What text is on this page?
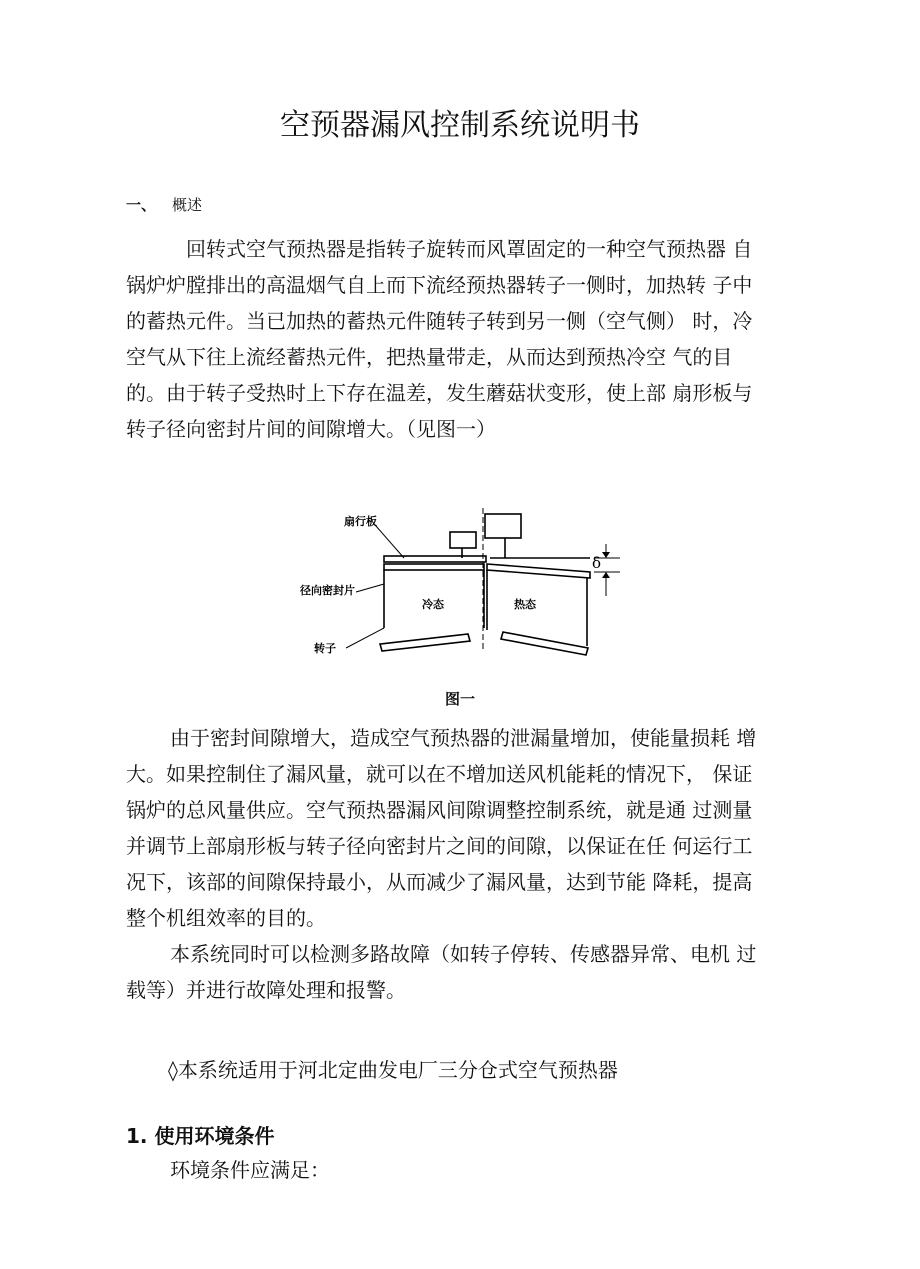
空预器漏风控制系统说明书
一、 概述
回转式空气预热器是指转子旋转而风罩固定的一种空气预热器 自
锅炉炉膛排出的高温烟气自上而下流经预热器转子一侧时，加热转 子中
的蓄热元件。当已加热的蓄热元件随转子转到另一侧（空气侧） 时，冷
空气从下往上流经蓄热元件，把热量带走，从而达到预热冷空 气的目
的。由于转子受热时上下存在温差，发生蘑菇状变形，使上部 扇形板与
转子径向密封片间的间隙增大。（见图一）
扇行板
径向密封片
转子
冷态	热态
δ
图一
由于密封间隙增大，造成空气预热器的泄漏量增加，使能量损耗 增
大。如果控制住了漏风量，就可以在不增加送风机能耗的情况下， 保证
锅炉的总风量供应。空气预热器漏风间隙调整控制系统，就是通 过测量
并调节上部扇形板与转子径向密封片之间的间隙，以保证在任 何运行工
况下，该部的间隙保持最小，从而减少了漏风量，达到节能 降耗，提高
整个机组效率的目的。
本系统同时可以检测多路故障（如转子停转、传感器异常、电机 过
载等）并进行故障处理和报警。
◊本系统适用于河北定曲发电厂三分仓式空气预热器
1. 使用环境条件
环境条件应满足：
